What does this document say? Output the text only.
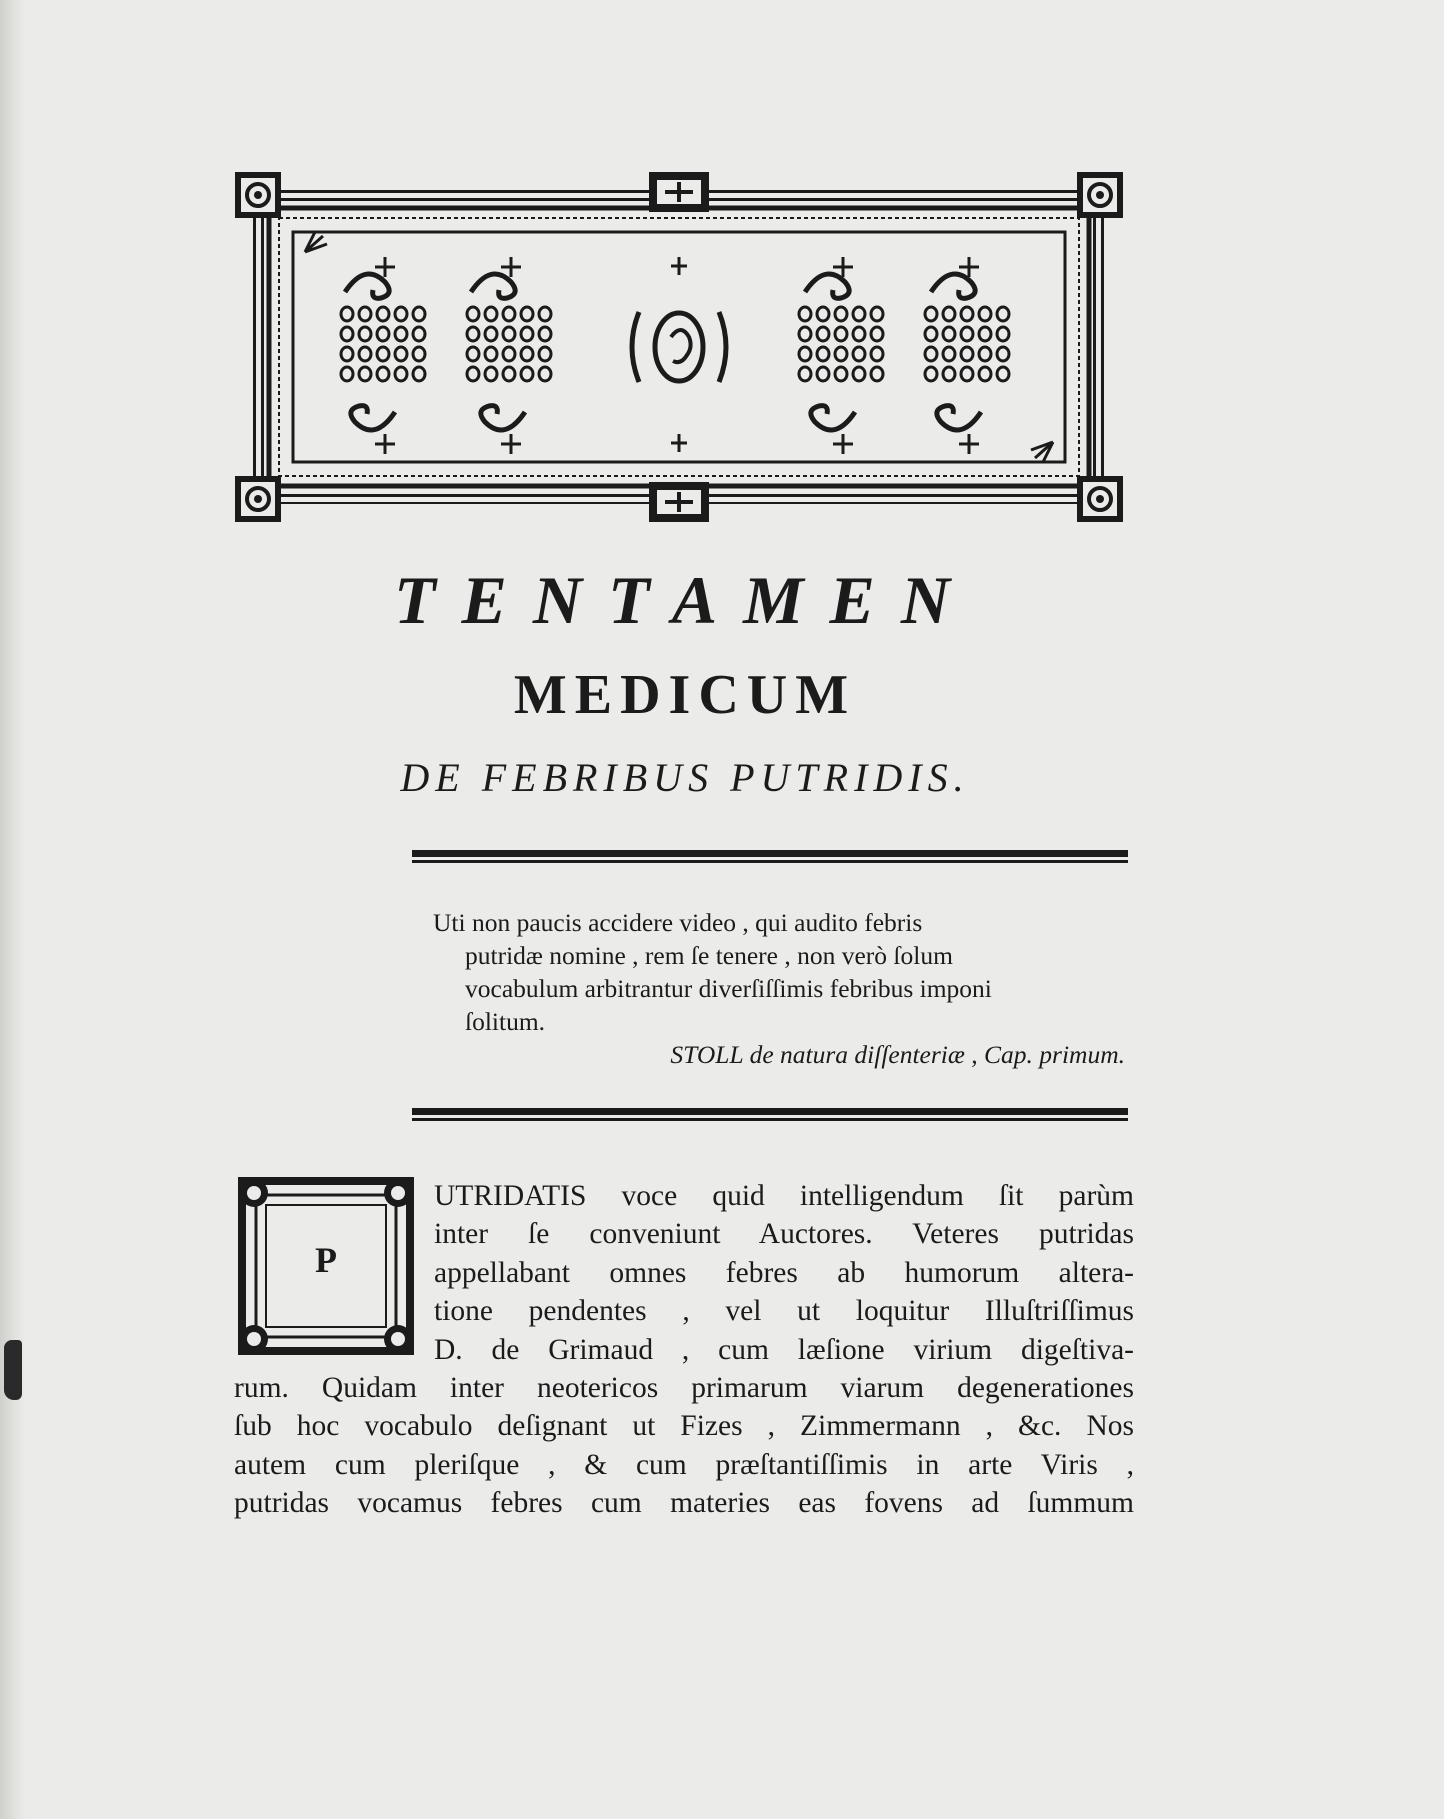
TENTAMEN
MEDICUM
DE FEBRIBUS PUTRIDIS.

Uti non paucis accidere video , qui audito febris

putridæ nomine , rem ſe tenere , non verò ſolum

vocabulum arbitrantur diverſiſſimis febribus imponi

ſolitum.

STOLL de natura diſſenteriæ , Cap. primum.
P
UTRIDATIS voce quid intelligendum ſit parùm
inter ſe conveniunt Auctores. Veteres putridas
appellabant omnes febres ab humorum altera-
tione pendentes , vel ut loquitur Illuſtriſſimus
D. de Grimaud , cum læſione virium digeſtiva-
rum. Quidam inter neotericos primarum viarum degenerationes
ſub hoc vocabulo deſignant ut Fizes , Zimmermann , &c. Nos
autem cum pleriſque , & cum præſtantiſſimis in arte Viris ,
putridas vocamus febres cum materies eas fovens ad ſummum
